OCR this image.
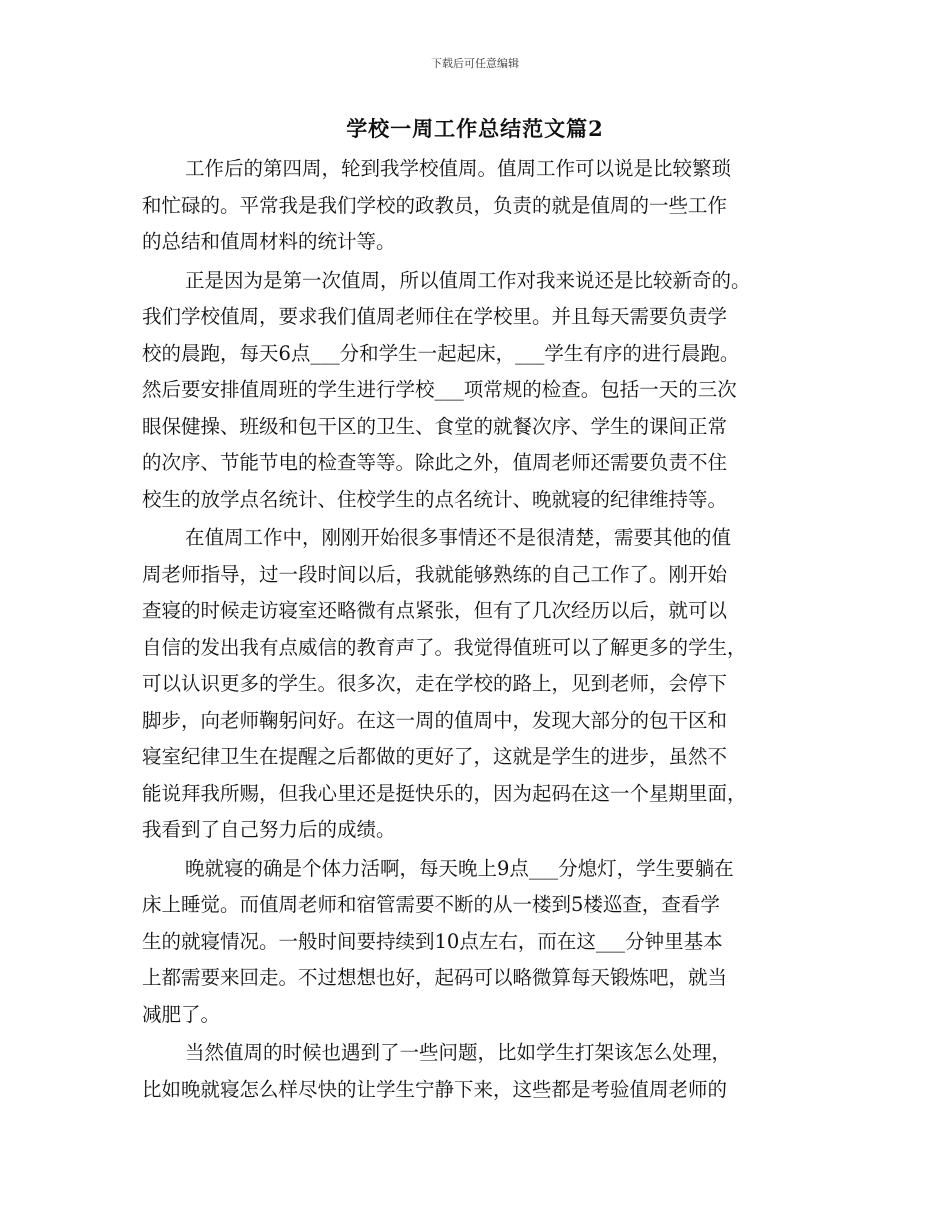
下载后可任意编辑
学校一周工作总结范文篇2
工作后的第四周，轮到我学校值周。值周工作可以说是比较繁琐
和忙碌的。平常我是我们学校的政教员，负责的就是值周的一些工作
的总结和值周材料的统计等。
正是因为是第一次值周，所以值周工作对我来说还是比较新奇的。
我们学校值周，要求我们值周老师住在学校里。并且每天需要负责学
校的晨跑，每天6点___分和学生一起起床，___学生有序的进行晨跑。
然后要安排值周班的学生进行学校___项常规的检查。包括一天的三次
眼保健操、班级和包干区的卫生、食堂的就餐次序、学生的课间正常
的次序、节能节电的检查等等。除此之外，值周老师还需要负责不住
校生的放学点名统计、住校学生的点名统计、晚就寝的纪律维持等。
在值周工作中，刚刚开始很多事情还不是很清楚，需要其他的值
周老师指导，过一段时间以后，我就能够熟练的自己工作了。刚开始
查寝的时候走访寝室还略微有点紧张，但有了几次经历以后，就可以
自信的发出我有点威信的教育声了。我觉得值班可以了解更多的学生，
可以认识更多的学生。很多次，走在学校的路上，见到老师，会停下
脚步，向老师鞠躬问好。在这一周的值周中，发现大部分的包干区和
寝室纪律卫生在提醒之后都做的更好了，这就是学生的进步，虽然不
能说拜我所赐，但我心里还是挺快乐的，因为起码在这一个星期里面，
我看到了自己努力后的成绩。
晚就寝的确是个体力活啊，每天晚上9点___分熄灯，学生要躺在
床上睡觉。而值周老师和宿管需要不断的从一楼到5楼巡查，查看学
生的就寝情况。一般时间要持续到10点左右，而在这___分钟里基本
上都需要来回走。不过想想也好，起码可以略微算每天锻炼吧，就当
减肥了。
当然值周的时候也遇到了一些问题，比如学生打架该怎么处理，
比如晚就寝怎么样尽快的让学生宁静下来，这些都是考验值周老师的
